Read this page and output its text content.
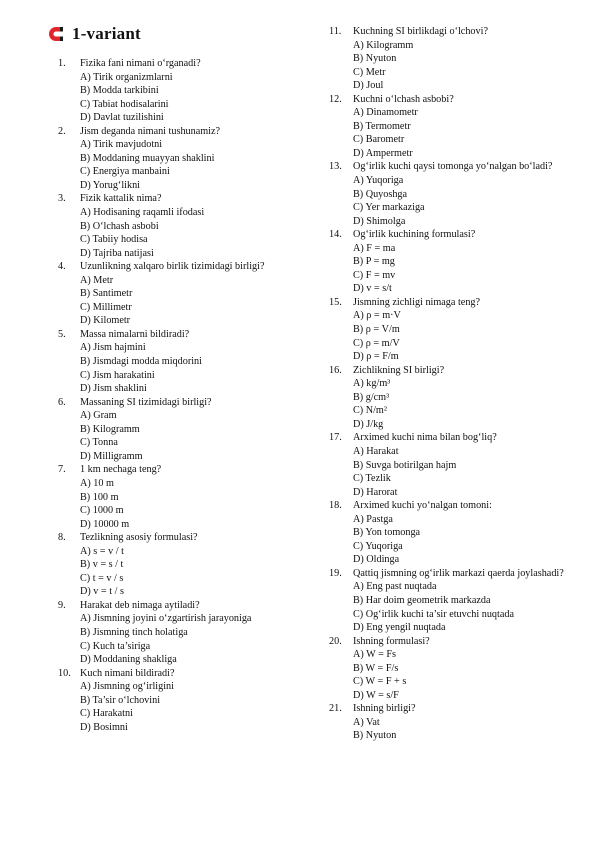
1-variant
1.	Fizika fani nimani o‘rganadi?
A) Tirik organizmlarni
B) Modda tarkibini
C) Tabiat hodisalarini
D) Davlat tuzilishini
2.	Jism deganda nimani tushunamiz?
A) Tirik mavjudotni
B) Moddaning muayyan shaklini
C) Energiya manbaini
D) Yorug‘likni
3.	Fizik kattalik nima?
A) Hodisaning raqamli ifodasi
B) O‘lchash asbobi
C) Tabiiy hodisa
D) Tajriba natijasi
4.	Uzunlikning xalqaro birlik tizimidagi birligi?
A) Metr
B) Santimetr
C) Millimetr
D) Kilometr
5.	Massa nimalarni bildiradi?
A) Jism hajmini
B) Jismdagi modda miqdorini
C) Jism harakatini
D) Jism shaklini
6.	Massaning SI tizimidagi birligi?
A) Gram
B) Kilogramm
C) Tonna
D) Milligramm
7.	1 km nechaga teng?
A) 10 m
B) 100 m
C) 1000 m
D) 10000 m
8.	Tezlikning asosiy formulasi?
A) s = v / t
B) v = s / t
C) t = v / s
D) v = t / s
9.	Harakat deb nimaga aytiladi?
A) Jismning joyini o‘zgartirish jarayoniga
B) Jismning tinch holatiga
C) Kuch ta’siriga
D) Moddaning shakliga
10. Kuch nimani bildiradi?
A) Jismning og‘irligini
B) Ta’sir o‘lchovini
C) Harakatni
D) Bosimni
11.	Kuchning SI birlikdagi o‘lchovi?
A) Kilogramm
B) Nyuton
C) Metr
D) Joul
12.	Kuchni o‘lchash asbobi?
A) Dinamometr
B) Termometr
C) Barometr
D) Ampermetr
13.	Og‘irlik kuchi qaysi tomonga yo‘nalgan bo‘ladi?
A) Yuqoriga
B) Quyoshga
C) Yer markaziga
D) Shimolga
14.	Og‘irlik kuchining formulasi?
A) F = ma
B) P = mg
C) F = mv
D) v = s/t
15.	Jismning zichligi nimaga teng?
A) ρ = m·V
B) ρ = V/m
C) ρ = m/V
D) ρ = F/m
16.	Zichlikning SI birligi?
A) kg/m³
B) g/cm³
C) N/m²
D) J/kg
17.	Arximed kuchi nima bilan bog‘liq?
A) Harakat
B) Suvga botirilgan hajm
C) Tezlik
D) Harorat
18.	Arximed kuchi yo‘nalgan tomoni:
A) Pastga
B) Yon tomonga
C) Yuqoriga
D) Oldinga
19.	Qattiq jismning og‘irlik markazi qaerda joylashadi?
A) Eng past nuqtada
B) Har doim geometrik markazda
C) Og‘irlik kuchi ta’sir etuvchi nuqtada
D) Eng yengil nuqtada
20.	Ishning formulasi?
A) W = Fs
B) W = F/s
C) W = F + s
D) W = s/F
21.	Ishning birligi?
A) Vat
B) Nyuton
